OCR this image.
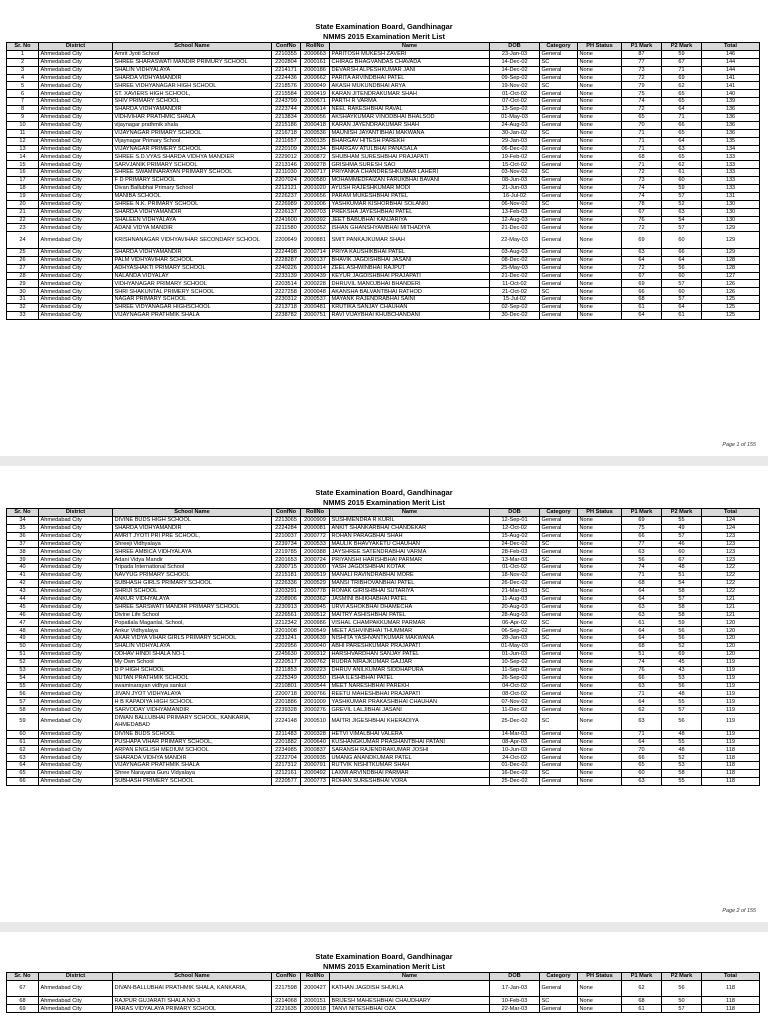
State Examination Board, Gandhinagar
NMMS 2015 Examination Merit List
Sr. No	District	School Name	ConfNo	RollNo	Name	DOB	Category	PH Status	P1 Mark	P2 Mark	Total
1	Ahmedabad City	Amrit Jyoti School	2210355	2000663	PARITOSH MUKESH ZAVERI	23-Jan-03	General	None	87	59	146
2	Ahmedabad City	SHREE SHARASWATI MANDIR PRIMURY SCHOOL	2202804	2000161	CHIRAG BHAGVANDAS CHAVADA	14-Dec-02	SC	None	77	67	144
3	Ahmedabad City	SHALIN VIDHYALAYA	2214171	2000186	DEVARSH ALPESHKUMAR JANI	14-Dec-02	General	None	73	71	144
4	Ahmedabad City	SHARDA VIDHYAMANDIR	2224436	2000662	PARITA ARVINDBHAI PATEL	09-Sep-02	General	None	72	69	141
5	Ahmedabad City	SHREE VIDHYANAGAR HIGH SCHOOL	2218576	2000049	AKASH MUKUNDBHAI ARYA	19-Nov-02	SC	None	79	62	141
6	Ahmedabad City	ST. XAVIERS HIGH SCHOOL,	2215584	2000419	KARAN JITENDRAKUMAR SHAH	01-Oct-02	General	None	75	65	140
7	Ahmedabad City	SHIV PRIMARY SCHOOL	2243799	2000671	PARTH R VARMA	07-Oct-02	General	None	74	65	139
8	Ahmedabad City	SHARDA VIDHYAMANDIR	2223744	2000614	NEEL RAKESHBHAI RAVAL	13-Sep-02	General	None	72	64	136
9	Ahmedabad City	VIDHVIHAR PRATHMIC SHALA	2213834	2000056	AKSHAYKUMAR VINODBHAI BHALSOD	01-May-03	General	None	65	71	136
10	Ahmedabad City	vijaynagar prathmik shala	2215186	2000418	KARAN JAYENDRAKUMAR SHAH	24-Aug-03	General	None	70	66	136
11	Ahmedabad City	VIJAYNAGAR PRIMARY SCHOOL	2216718	2000536	MAUNISH JAYANTIBHAI MAKWANA	30-Jan-02	SC	None	71	65	136
12	Ahmedabad City	Vijaynagar Primary School	2211657	2000135	BHARGAV HITESH PAREKH	29-Jan-03	General	None	71	64	135
13	Ahmedabad City	VIJAYNAGAR PRIMERY SCHOOL	2220109	2000134	BHARGAV ATULBHAI PANASALA	06-Dec-02	General	None	71	63	134
14	Ahmedabad City	SHREE S.D.VYAS SHARDA VIDHYA MANDIER	2229012	2000872	SHUBHAM SURESHBHAI PRAJAPATI	19-Feb-02	General	None	68	65	133
15	Ahmedabad City	SARVJANIK PRIMARY SCHOOL	2213146	2000278	GRISHMA SURESH SAO	15-Oct-02	General	None	71	62	133
16	Ahmedabad City	SHREE SWAMINARAYAN PRIMARY SCHOOL	2211030	2000717	PRIYANKA CHANDRESHKUMAR LAHERI	03-Nov-02	SC	None	72	61	133
17	Ahmedabad City	F D PRIMARY SCHOOL	2207024	2000580	MOHAMMEDFAIZAN FARUKBHAI BAVANI	08-Jun-03	General	None	73	60	133
18	Ahmedabad City	Divan Ballubhai Primary School	2212121	2001020	AYUSH RAJESHKUMAR MODI	21-Jun-03	General	None	74	59	133
19	Ahmedabad City	MANIBA SCHOOL	2226237	2000656	PARAM MUKESHBHAI PATEL	16-Jul-02	General	None	74	57	131
20	Ahmedabad City	SHREE N.K. PRIMARY SCHOOL	2226989	2001006	YASHKUMAR KISHORBHAI SOLANKI	06-Nov-02	SC	None	78	52	130
21	Ahmedabad City	SHARDA VIDHYAMANDIR	2226137	2000703	PREKSHA JAYESHBHAI PATEL	13-Feb-03	General	None	67	63	130
22	Ahmedabad City	SHALEEN VIDHYALAYA	2241600	2000392	JEET BABUBHAI KANJARIYA	12-Aug-03	General	None	76	54	130
23	Ahmedabad City	ADANI VIDYA MANDIR	2211580	2000352	ISHAN GHANSHYAMBHAI MITHADIYA	21-Dec-02	General	None	72	57	129
24	Ahmedabad City	KRISHNANAGAR VIDHYAVIHAR SECONDARY SCHOOL	2200649	2000881	SMIT PANKAJKUMAR SHAH	22-May-03	General	None	69	60	129
25	Ahmedabad City	SHARDA VIDHYAMANDIR	2224498	2000714	PRIYA KAUSHIKBHAI PATEL	03-Aug-03	General	None	63	66	129
26	Ahmedabad City	PALM VIDHYAVIHAR SCHOOL	2228287	2000137	BHAVIK JAGDISHBHAI JASANI	08-Dec-02	General	None	64	64	128
27	Ahmedabad City	ADHYASHAKTI PRIMARY SCHOOL	2240226	2001014	ZEEL ASHWINBHAI RAJPUT	25-May-03	General	None	72	56	128
28	Ahmedabad City	NALANDA VIDYALAY	2233139	2000439	KEYUR JAGDISHBHAI PRAJAPATI	21-Dec-02	General	None	67	60	127
29	Ahmedabad City	VIDHYANAGAR PRIMARY SCHOOL	2203514	2000228	DHRUVIL MANOJBHAI BHANDERI	11-Oct-02	General	None	69	57	126
30	Ahmedabad City	SHRI SHAKUNTAL PRIMERY SCHOOL	2227258	2000048	AKANSHA BALVANTBHAI RATHOD	21-Oct-02	SC	None	66	60	126
31	Ahmedabad City	NAGAR PRIMARY SCHOOL	2230312	2000537	MAYANK RAJENDRABHAI SAINI	15-Jul-02	General	None	68	57	125
32	Ahmedabad City	SHREE VIDYANAGAR HIGHSCHOOL	2213718	2000481	KRUTIKA SANJAY CHAUHAN	02-Sep-02	General	None	61	64	125
33	Ahmedabad City	VIJAYNAGAR PRATHMIK SHALA	2238782	2000751	RAVI VIJAYBHAI KHUBCHANDANI	30-Dec-02	General	None	64	61	125
Page 1 of 155
State Examination Board, Gandhinagar
NMMS 2015 Examination Merit List
Sr. No	District	School Name	ConfNo	RollNo	Name	DOB	Category	PH Status	P1 Mark	P2 Mark	Total
34	Ahmedabad City	DIVINE BUDS HIGH SCHOOL	2213065	2000909	SUSHMENDRA R KURIL	12-Sep-01	General	None	69	55	124
35	Ahmedabad City	SHARDA VIDHYAMANDIR	2224284	2000081	ANKIT SHANKARBHAI CHANDEKAR	12-Oct-02	General	None	75	49	124
36	Ahmedabad City	AMRIT JYOTI PRI PRE SCHOOL,	2210037	2000772	ROHAN PARAGBHAI SHAH	15-Aug-02	General	None	66	57	123
37	Ahmedabad City	Shreeji Vidhyalaya	2239734	2000533	MAULIK BHAVYAKETU CHAUHAN	24-Dec-02	SC	None	77	46	123
38	Ahmedabad City	SHREE AMBICA VIDHYALAYA	2219785	2000388	JAYSHREE SATENDRABHAI VARMA	28-Feb-03	General	None	63	60	123
39	Ahmedabad City	Adani Vidya Mandir	2201653	2000724	PRIYANSHI HARISHBHAI PARMAR	13-Mar-03	SC	None	56	67	123
40	Ahmedabad City	Tripada International School	2200715	2001000	YASH JAGDISHBHAI KOTAK	01-Oct-02	General	None	74	48	122
41	Ahmedabad City	NAVYUG PRIMARY SCHOOL	2215181	2000519	MANALI RAVINDRABHAI MORE	18-Nov-02	General	None	71	51	122
42	Ahmedabad City	SUBHASH GIRLS PRIMARY SCHOOL	2226336	2000529	MANSI TRIBHOVANBHAI PATEL	26-Dec-02	General	None	68	54	122
43	Ahmedabad City	SHRIJI SCHOOL	2203291	2000778	RONAK GIRISHBHAI SUTARIYA	21-Mar-03	SC	None	64	58	122
44	Ahmedabad City	ANKUR VIDHYALAYA	2208906	2000362	JASMINI BHIKHABHAI PATEL	11-Aug-03	General	None	64	57	121
45	Ahmedabad City	SHREE SARSWATI MANDIR PRIMARY SCHOOL	2230913	2000945	URVI ASHOKBHAI DHAMECHA	20-Aug-03	General	None	63	58	121
46	Ahmedabad City	Divine Life School	2226561	2000512	MAITRY ASHISHBHAI PATEL	28-Aug-03	General	None	63	58	121
47	Ahmedabad City	Popatlala Maganlal, School,	2212342	2000986	VISHAL CHAMPAKKUMAR PARMAR	06-Apr-02	SC	None	61	59	120
48	Ahmedabad City	Ankur Vidhyalaya	2201008	2000549	MEET ASHVINBHAI THUMMAR	06-Sep-02	General	None	64	56	120
49	Ahmedabad City	AXAR VIDYA VIHAR GIRLS PRIMARY SCHOOL	2231241	2000639	NISHITA YASHVANTKUMAR MAKWANA	28-Jan-03	SC	None	64	56	120
50	Ahmedabad City	SHALIN VIDHYALAYA	2202956	2000040	ABHI PARESHKUMAR PRAJAPATI	01-May-03	General	None	68	52	120
51	Ahmedabad City	ODHAV HINDI SHALA NO-1	2245630	2000312	HARSHVARDHAN SANJAY PATEL	01-Jun-03	General	None	51	69	120
52	Ahmedabad City	My Own School	2220517	2000762	RUDRA NIRAJKUMAR GAJJAR	10-Sep-02	General	None	74	45	119
53	Ahmedabad City	D P HIGH SCHOOL	2211853	2000223	DHRUV ANILKUMAR SIDDHAPURA	11-Sep-02	General	None	76	43	119
54	Ahmedabad City	NUTAN PRATHMIK SCHOOL	2225349	2000350	ISHA ILESHBHAI PATEL	26-Sep-02	General	None	66	53	119
55	Ahmedabad City	swaminarayan vidhya sankul	2210801	2000544	MEET NARESHBHAI PAREKH	04-Oct-02	General	None	63	56	119
56	Ahmedabad City	JIVAN JYOT VIDHYALAYA	2200718	2000766	REETU MAHESHBHAI PRAJAPATI	08-Oct-02	General	None	71	48	119
57	Ahmedabad City	H B KAPADIYA HIGH SCHOOL	2201886	2001009	YASHKUMAR PRAKASHBHAI CHAUHAN	07-Nov-02	General	None	64	55	119
58	Ahmedabad City	SARVODAY VIDHYAMANDIR	2239328	2000276	GREVIL LALJIBHAI JASANI	11-Dec-02	General	None	62	57	119
59	Ahmedabad City	DIWAN BALLUBHAI PRIMARY SCHOOL, KANKARIA, AHMEDABAD	2224148	2000510	MAITRI JIGESHBHAI KHERADIYA	25-Dec-02	SC	None	63	56	119
60	Ahmedabad City	DIVINE BUDS SCHOOL	2211483	2000328	HETVI VIMALBHAI VALERA	14-Mar-03	General	None	71	48	119
61	Ahmedabad City	PUSHAPA VIHAR PRIMARY SCHOOL,	2201882	2000640	KUSHANGKUMAR PRASHANTBHAI PATANI	08-Apr-03	General	None	64	55	119
62	Ahmedabad City	ARPAN ENGLISH MEDIUM SCHOOL	2234985	2000837	SARANSH RAJENDRAKUMAR JOSHI	10-Jun-03	General	None	70	48	118
63	Ahmedabad City	SHARADA VIDHYA MANDIR	2222704	2000935	UMANG ANANDKUMAR PATEL	24-Oct-02	General	None	66	52	118
64	Ahmedabad City	VIJAYNAGAR PRATHMIK SHALA	2217312	2000791	RUTVIK NISHITKUMAR SHAH	01-Dec-02	General	None	65	53	118
65	Ahmedabad City	Shree Narayana Guru Vidyalaya	2212161	2000492	LAXMI ARVINDBHAI PARMAR	16-Dec-02	SC	None	60	58	118
66	Ahmedabad City	SUBHASH PRIMERY SCHOOL	2220577	2000773	ROHAN SURESHBHAI VORA	25-Dec-02	General	None	63	55	118
Page 2 of 155
State Examination Board, Gandhinagar
NMMS 2015 Examination Merit List
Sr. No	District	School Name	ConfNo	RollNo	Name	DOB	Category	PH Status	P1 Mark	P2 Mark	Total
67	Ahmedabad City	DIVAN-BALLUBHAI PRATHMIK SHALA, KANKARIA,	2217598	2000427	KATHAN JAGDISH SHUKLA	17-Jan-03	General	None	62	56	118
68	Ahmedabad City	RAJPUR GUJARATI SHALA NO-3	2214068	2000151	BRIJESH MAHESHBHAI CHAUDHARY	10-Feb-03	SC	None	68	50	118
69	Ahmedabad City	PARAS VIDYALAYA PRIMARY SCHOOL	2221635	2000918	TANVI NITESHBHAI OZA	22-Mar-03	General	None	61	57	118
